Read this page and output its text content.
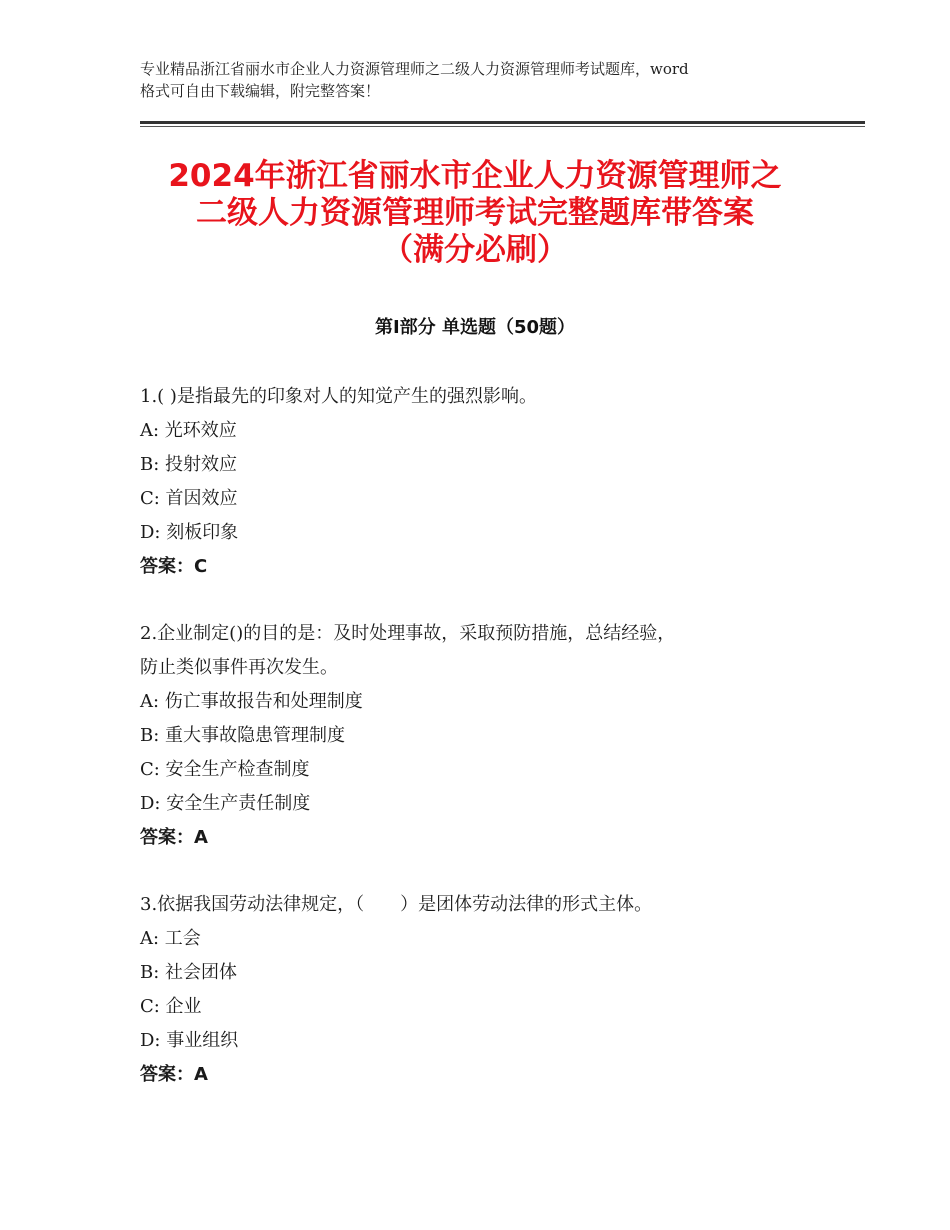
专业精品浙江省丽水市企业人力资源管理师之二级人力资源管理师考试题库，word
格式可自由下载编辑，附完整答案！
2024年浙江省丽水市企业人力资源管理师之
二级人力资源管理师考试完整题库带答案
（满分必刷）
第Ⅰ部分 单选题（50题）
1.( )是指最先的印象对人的知觉产生的强烈影响。
A: 光环效应
B: 投射效应
C: 首因效应
D: 刻板印象
答案：C
2.企业制定()的目的是：及时处理事故，采取预防措施，总结经验，
防止类似事件再次发生。
A: 伤亡事故报告和处理制度
B: 重大事故隐患管理制度
C: 安全生产检查制度
D: 安全生产责任制度
答案：A
3.依据我国劳动法律规定，（　　）是团体劳动法律的形式主体。
A: 工会
B: 社会团体
C: 企业
D: 事业组织
答案：A
